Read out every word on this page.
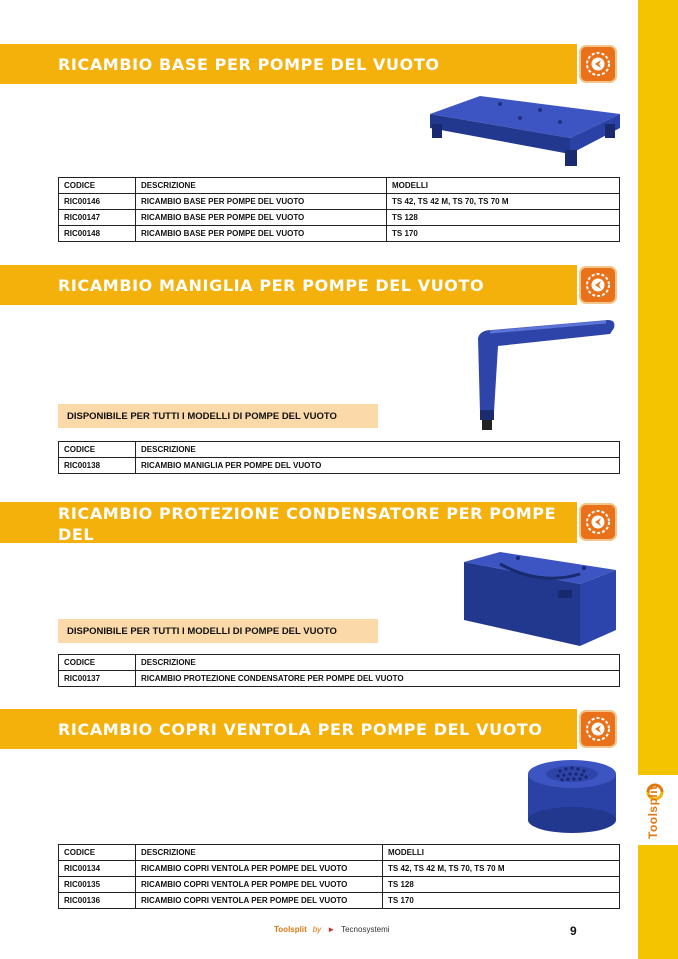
Toolsplit
RICAMBIO BASE PER POMPE DEL VUOTO
CODICE	DESCRIZIONE	MODELLI
RIC00146	RICAMBIO BASE PER POMPE DEL VUOTO	TS 42, TS 42 M, TS 70, TS 70 M
RIC00147	RICAMBIO BASE PER POMPE DEL VUOTO	TS 128
RIC00148	RICAMBIO BASE PER POMPE DEL VUOTO	TS 170
RICAMBIO MANIGLIA PER POMPE DEL VUOTO
DISPONIBILE PER TUTTI I MODELLI DI POMPE DEL VUOTO
CODICE	DESCRIZIONE
RIC00138	RICAMBIO MANIGLIA PER POMPE DEL VUOTO
RICAMBIO PROTEZIONE CONDENSATORE PER POMPE DEL
VUOTO
DISPONIBILE PER TUTTI I MODELLI DI POMPE DEL VUOTO
CODICE	DESCRIZIONE
RIC00137	RICAMBIO PROTEZIONE CONDENSATORE PER POMPE DEL VUOTO
RICAMBIO COPRI VENTOLA PER POMPE DEL VUOTO
CODICE	DESCRIZIONE	MODELLI
RIC00134	RICAMBIO COPRI VENTOLA PER POMPE DEL VUOTO	TS 42, TS 42 M, TS 70, TS 70 M
RIC00135	RICAMBIO COPRI VENTOLA PER POMPE DEL VUOTO	TS 128
RIC00136	RICAMBIO COPRI VENTOLA PER POMPE DEL VUOTO	TS 170
Toolsplit by ► Tecnosystemi	9
